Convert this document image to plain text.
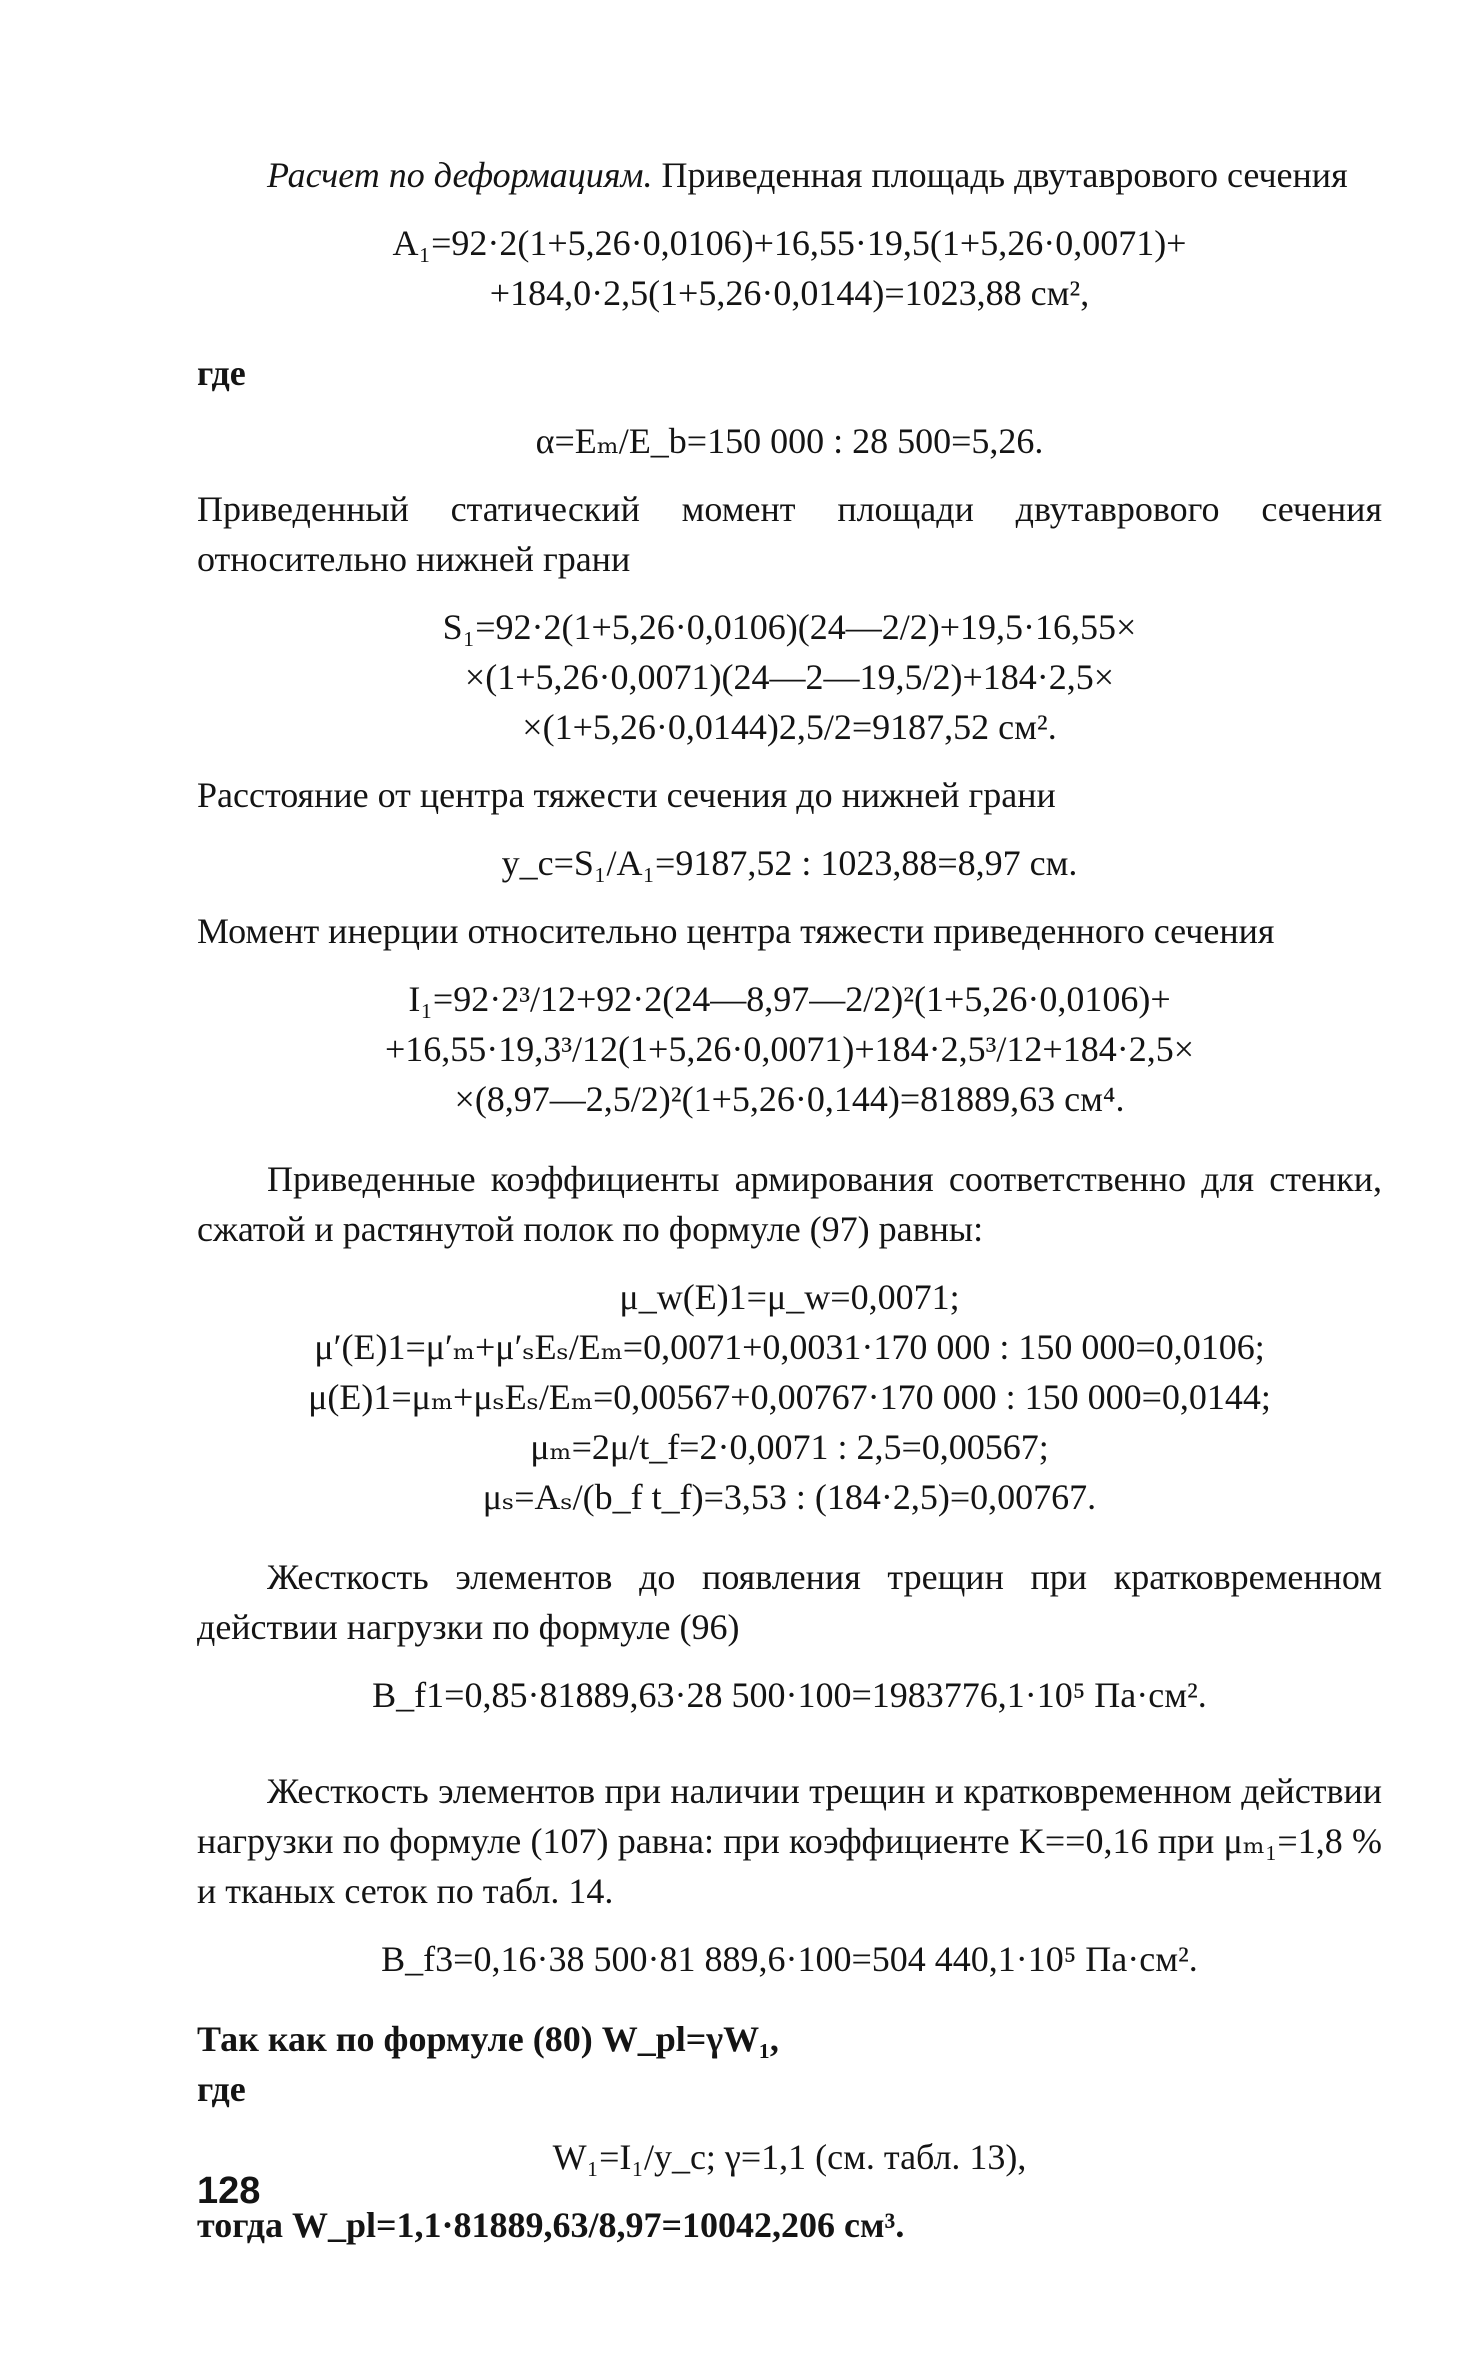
Расчет по деформациям. Приведенная площадь двутаврового сечения

A₁=92·2(1+5,26·0,0106)+16,55·19,5(1+5,26·0,0071)+

+184,0·2,5(1+5,26·0,0144)=1023,88 см²,

где

α=Eₘ/E_b=150 000 : 28 500=5,26.

Приведенный статический момент площади двутаврового сечения относительно нижней грани

S₁=92·2(1+5,26·0,0106)(24—2/2)+19,5·16,55×

×(1+5,26·0,0071)(24—2—19,5/2)+184·2,5×

×(1+5,26·0,0144)2,5/2=9187,52 см².

Расстояние от центра тяжести сечения до нижней грани

y_c=S₁/A₁=9187,52 : 1023,88=8,97 см.

Момент инерции относительно центра тяжести приведенного сечения

I₁=92·2³/12+92·2(24—8,97—2/2)²(1+5,26·0,0106)+

+16,55·19,3³/12(1+5,26·0,0071)+184·2,5³/12+184·2,5×

×(8,97—2,5/2)²(1+5,26·0,144)=81889,63 см⁴.

Приведенные коэффициенты армирования соответственно для стенки, сжатой и растянутой полок по формуле (97) равны:

μ_w(E)1=μ_w=0,0071;

μ′(E)1=μ′ₘ+μ′ₛEₛ/Eₘ=0,0071+0,0031·170 000 : 150 000=0,0106;

μ(E)1=μₘ+μₛEₛ/Eₘ=0,00567+0,00767·170 000 : 150 000=0,0144;

μₘ=2μ/t_f=2·0,0071 : 2,5=0,00567;

μₛ=Aₛ/(b_f t_f)=3,53 : (184·2,5)=0,00767.

Жесткость элементов до появления трещин при кратковременном действии нагрузки по формуле (96)

B_f1=0,85·81889,63·28 500·100=1983776,1·10⁵ Па·см².

Жесткость элементов при наличии трещин и кратковременном действии нагрузки по формуле (107) равна: при коэффициенте K==0,16 при μₘ₁=1,8 % и тканых сеток по табл. 14.

B_f3=0,16·38 500·81 889,6·100=504 440,1·10⁵ Па·см².

Так как по формуле (80) W_pl=γW₁,

где

W₁=I₁/y_c; γ=1,1 (см. табл. 13),

тогда W_pl=1,1·81889,63/8,97=10042,206 см³.

128
